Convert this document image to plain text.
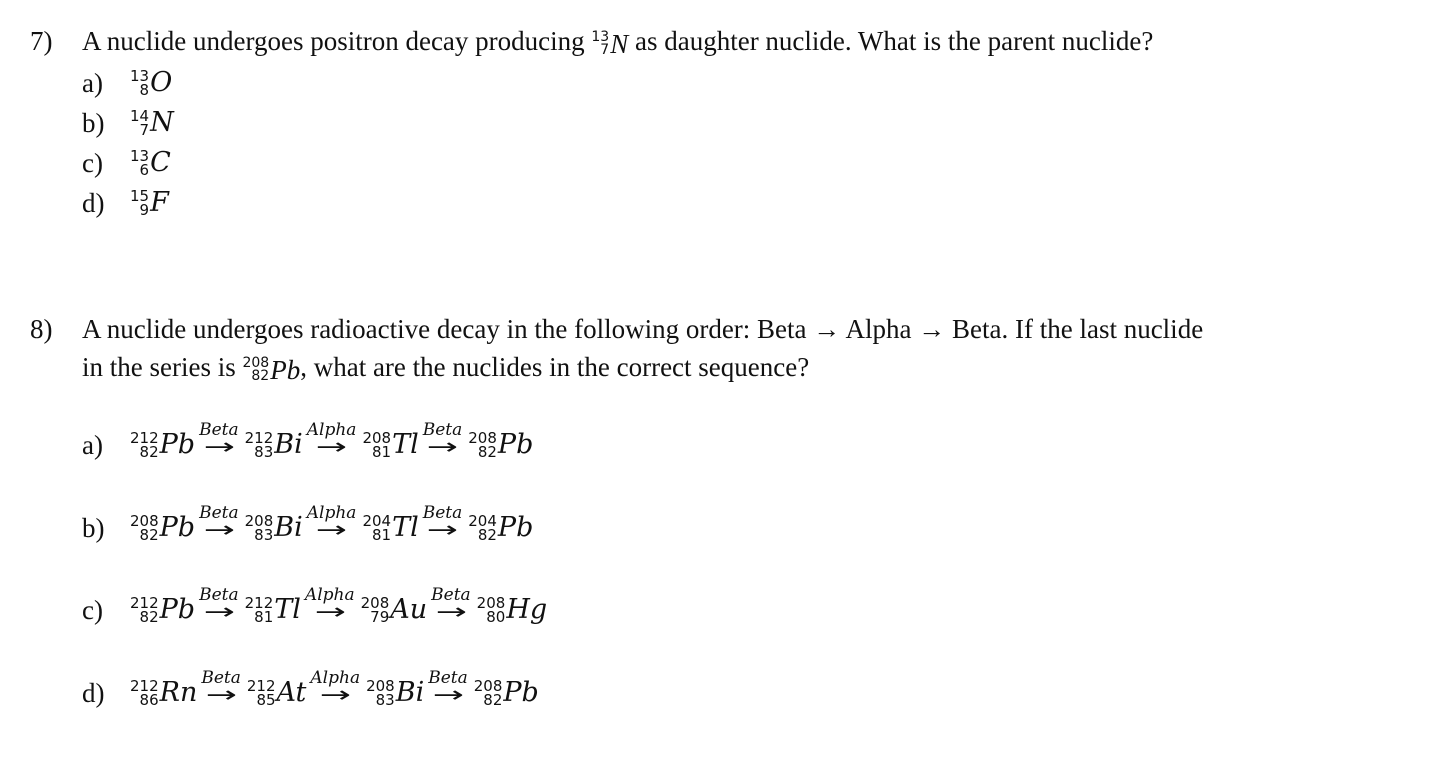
7) A nuclide undergoes positron decay producing 13
7 N as daughter nuclide. What is the parent nuclide?
a)	13
8 O
b)	14
7 N
c)	13
6 C
d)	15
9 F
8) A nuclide undergoes radioactive decay in the following order: Beta → Alpha → Beta. If the last nuclide
in the series is 208
82 Pb , what are the nuclides in the correct sequence?
a)	212
82 Pb Beta
→ 212
83 Bi Alpha
→ 208
81 Tl Beta
→ 208
82 Pb
b)	208
82 Pb Beta
→ 208
83 Bi Alpha
→ 204
81 Tl Beta
→ 204
82 Pb
c)	212
82 Pb Beta
→ 212
81 Tl Alpha
→ 208
79 Au Beta
→ 208
80 Hg
d)	212
86 Rn Beta
→ 212
85 At Alpha
→ 208
83 Bi Beta
→ 208
82 Pb
